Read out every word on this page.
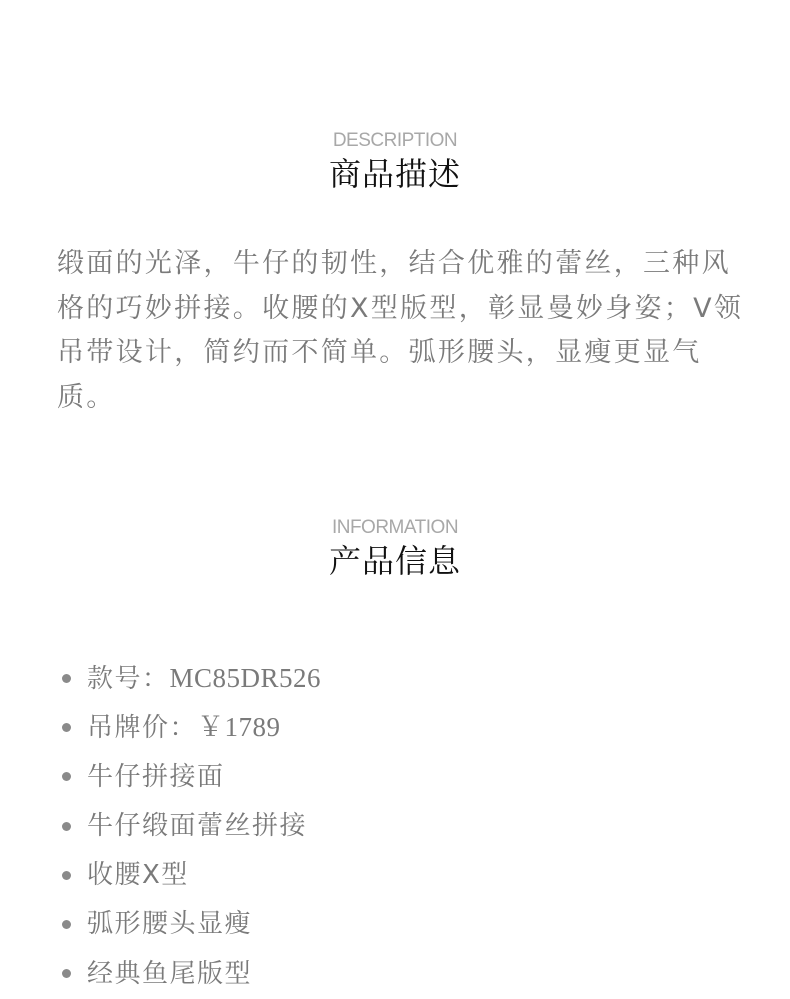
DESCRIPTION
商品描述

缎面的光泽，牛仔的韧性，结合优雅的蕾丝，三种风格的巧妙拼接。收腰的X型版型，彰显曼妙身姿；V领吊带设计，简约而不简单。弧形腰头，显瘦更显气质。

INFORMATION
产品信息
款号：MC85DR526
吊牌价：￥1789
牛仔拼接面
牛仔缎面蕾丝拼接
收腰X型
弧形腰头显瘦
经典鱼尾版型
